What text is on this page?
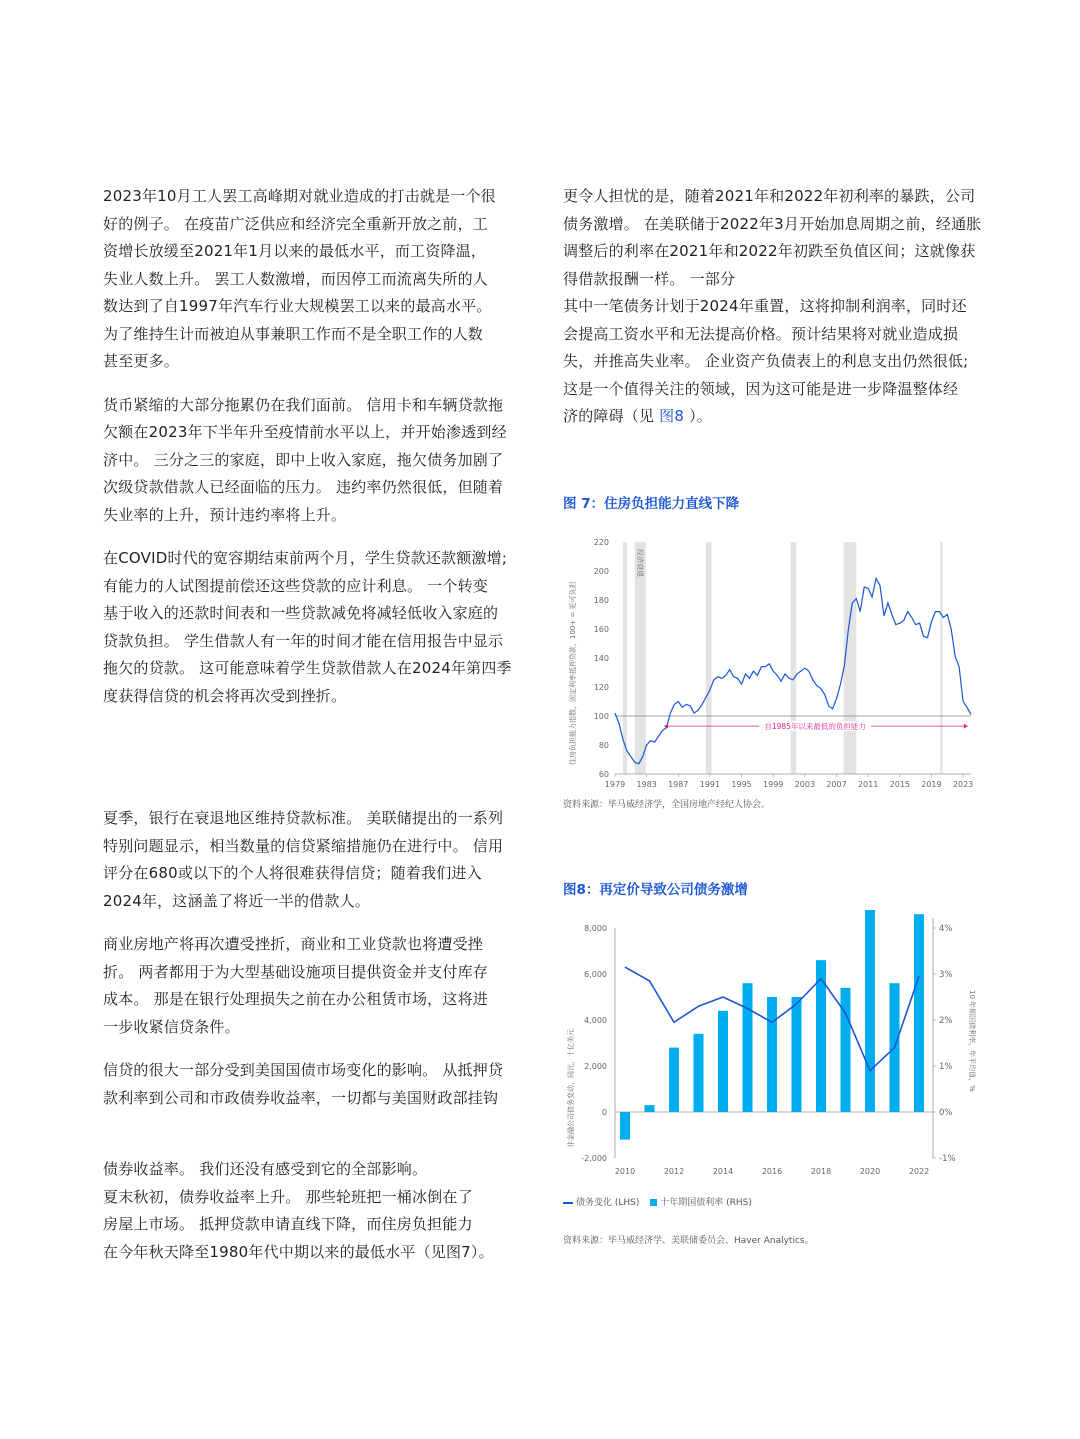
2023年10月工人罢工高峰期对就业造成的打击就是一个很
好的例子。 在疫苗广泛供应和经济完全重新开放之前，工
资增长放缓至2021年1月以来的最低水平，而工资降温，
失业人数上升。 罢工人数激增，而因停工而流离失所的人
数达到了自1997年汽车行业大规模罢工以来的最高水平。
为了维持生计而被迫从事兼职工作而不是全职工作的人数
甚至更多。

货币紧缩的大部分拖累仍在我们面前。 信用卡和车辆贷款拖
欠额在2023年下半年升至疫情前水平以上，并开始渗透到经
济中。 三分之三的家庭，即中上收入家庭，拖欠债务加剧了
次级贷款借款人已经面临的压力。 违约率仍然很低，但随着
失业率的上升，预计违约率将上升。

在COVID时代的宽容期结束前两个月，学生贷款还款额激增;
有能力的人试图提前偿还这些贷款的应计利息。 一个转变
基于收入的还款时间表和一些贷款减免将减轻低收入家庭的
贷款负担。 学生借款人有一年的时间才能在信用报告中显示
拖欠的贷款。 这可能意味着学生贷款借款人在2024年第四季
度获得信贷的机会将再次受到挫折。

夏季，银行在衰退地区维持贷款标准。 美联储提出的一系列
特别问题显示，相当数量的信贷紧缩措施仍在进行中。 信用
评分在680或以下的个人将很难获得信贷；随着我们进入
2024年，这涵盖了将近一半的借款人。

商业房地产将再次遭受挫折，商业和工业贷款也将遭受挫
折。 两者都用于为大型基础设施项目提供资金并支付库存
成本。 那是在银行处理损失之前在办公租赁市场，这将进
一步收紧信贷条件。

信贷的很大一部分受到美国国债市场变化的影响。 从抵押贷
款利率到公司和市政债券收益率，一切都与美国财政部挂钩

债券收益率。 我们还没有感受到它的全部影响。
夏末秋初，债券收益率上升。 那些轮班把一桶冰倒在了
房屋上市场。 抵押贷款申请直线下降，而住房负担能力
在今年秋天降至1980年代中期以来的最低水平（见图7）。

更令人担忧的是，随着2021年和2022年初利率的暴跌，公司
债务激增。 在美联储于2022年3月开始加息周期之前，经通胀
调整后的利率在2021年和2022年初跌至负值区间；这就像获
得借款报酬一样。 一部分
其中一笔债务计划于2024年重置，这将抑制利润率，同时还
会提高工资水平和无法提高价格。预计结果将对就业造成损
失，并推高失业率。 企业资产负债表上的利息支出仍然很低;
这是一个值得关注的领域，因为这可能是进一步降温整体经
济的障碍（见 图8 ）。

图 7：住房负担能力直线下降
经济衰退
60
80
100
120
140
160
180
200
220
1979 1983 1987 1991 1995 1999 2003 2007 2011 2015 2019 2023
住房负担能力指数，固定利率抵押贷款，100+ = 更可负担	自1985年以来最低的负担能力
资料来源：毕马威经济学，全国房地产经纪人协会。
图8：再定价导致公司债务激增
-2,000
0
2,000
4,000
6,000
8,000
-1%
0%
1%
2%
3%
4%
2010	2012	2014	2016	2018	2020	2022
非金融公司债务变动，同比，十亿美元	10 年期国债利率，年平均值，%
债务变化 (LHS) 十年期国债利率 (RHS)
资料来源：毕马威经济学、美联储委员会、Haver Analytics。
